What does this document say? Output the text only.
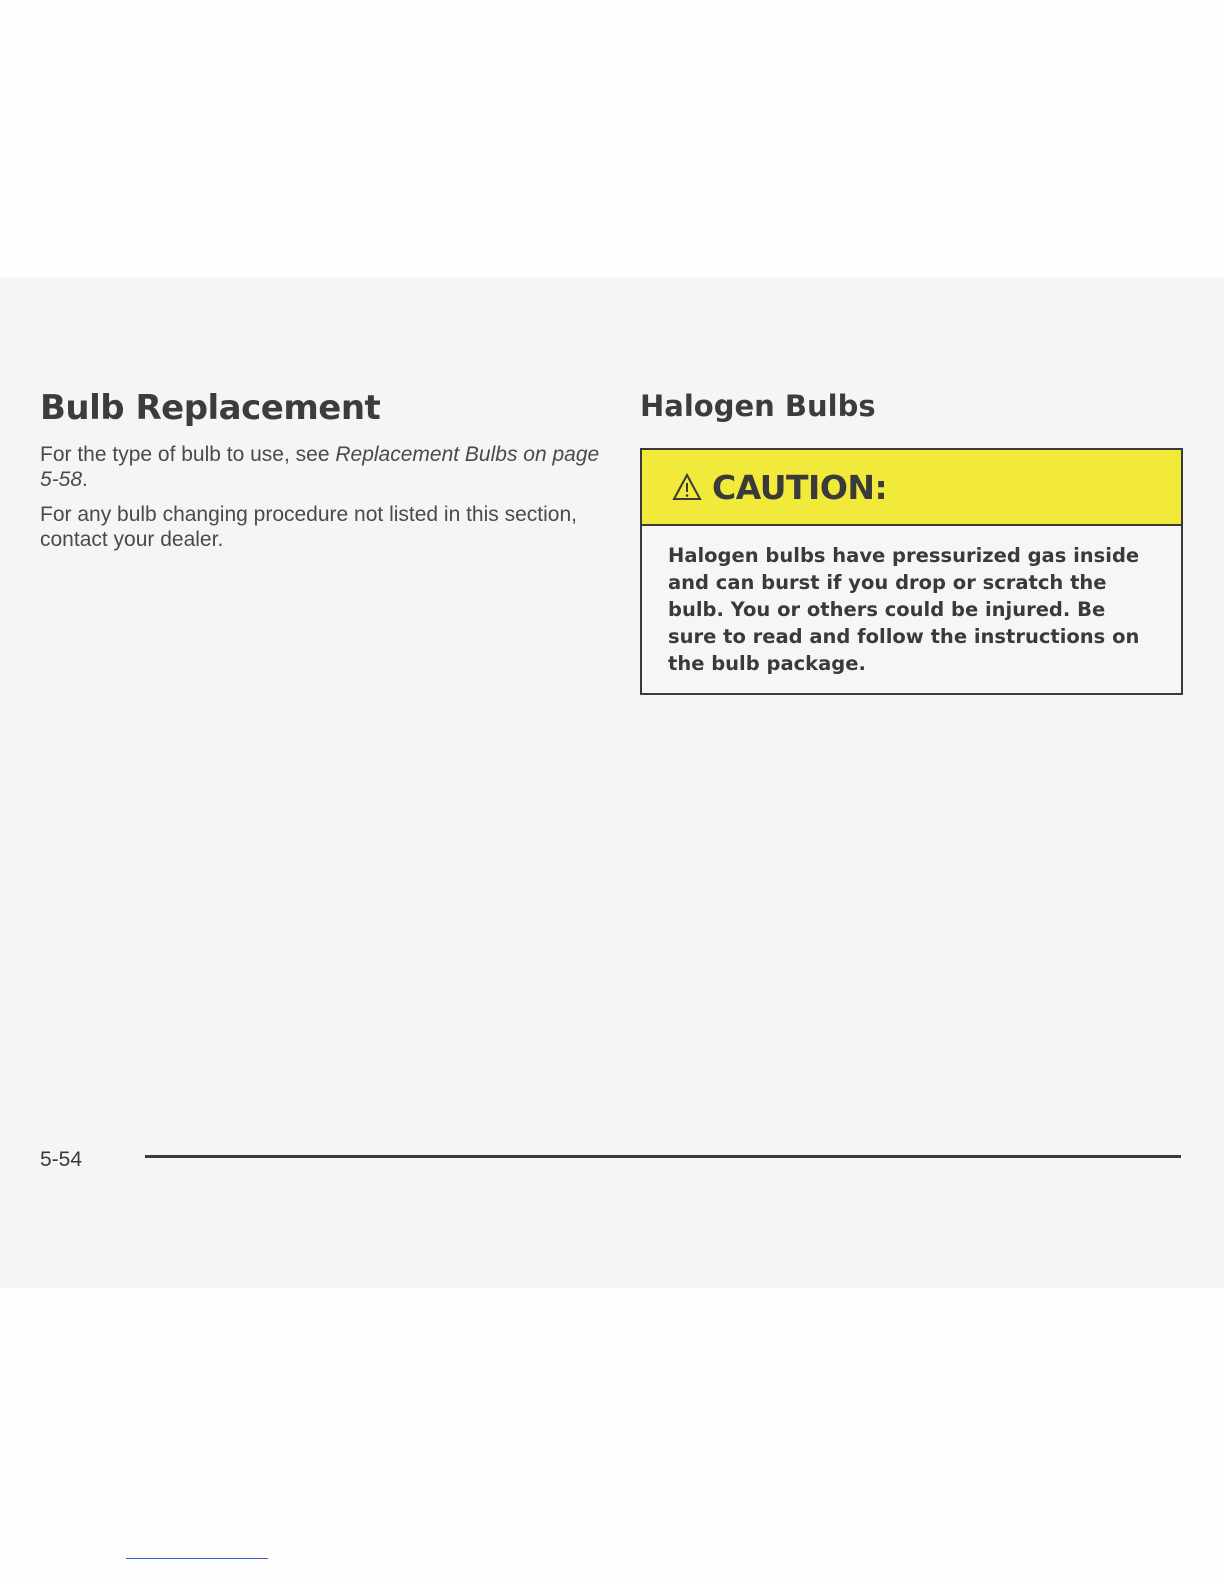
Bulb Replacement

For the type of bulb to use, see Replacement Bulbs on page 5-58.

For any bulb changing procedure not listed in this section, contact your dealer.

Halogen Bulbs
CAUTION:
Halogen bulbs have pressurized gas inside and can burst if you drop or scratch the bulb. You or others could be injured. Be sure to read and follow the instructions on the bulb package.
5-54
